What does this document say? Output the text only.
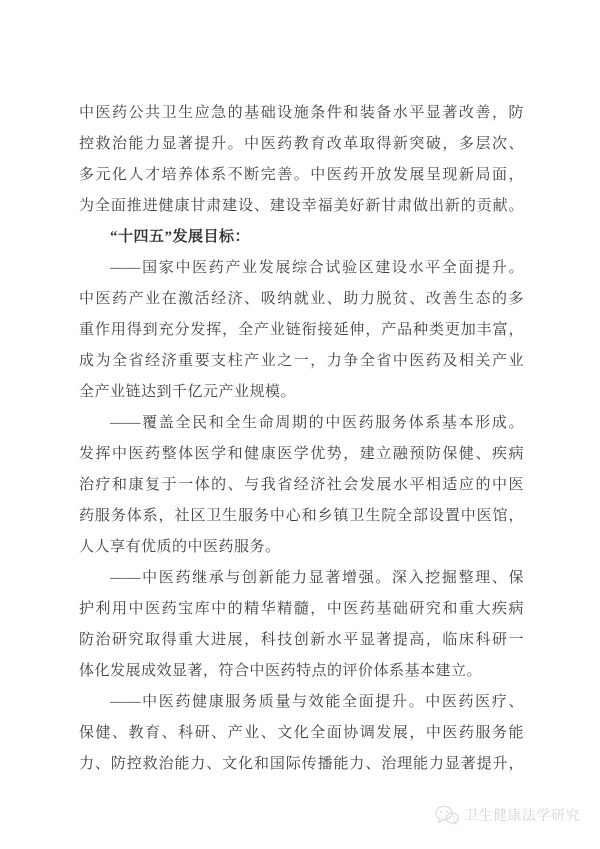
中医药公共卫生应急的基础设施条件和装备水平显著改善，防
控救治能力显著提升。中医药教育改革取得新突破，多层次、
多元化人才培养体系不断完善。中医药开放发展呈现新局面，
为全面推进健康甘肃建设、建设幸福美好新甘肃做出新的贡献。
“十四五”发展目标：
——国家中医药产业发展综合试验区建设水平全面提升。
中医药产业在激活经济、吸纳就业、助力脱贫、改善生态的多
重作用得到充分发挥，全产业链衔接延伸，产品种类更加丰富，
成为全省经济重要支柱产业之一，力争全省中医药及相关产业
全产业链达到千亿元产业规模。
——覆盖全民和全生命周期的中医药服务体系基本形成。
发挥中医药整体医学和健康医学优势，建立融预防保健、疾病
治疗和康复于一体的、与我省经济社会发展水平相适应的中医
药服务体系，社区卫生服务中心和乡镇卫生院全部设置中医馆，
人人享有优质的中医药服务。
——中医药继承与创新能力显著增强。深入挖掘整理、保
护利用中医药宝库中的精华精髓，中医药基础研究和重大疾病
防治研究取得重大进展，科技创新水平显著提高，临床科研一
体化发展成效显著，符合中医药特点的评价体系基本建立。
——中医药健康服务质量与效能全面提升。中医药医疗、
保健、教育、科研、产业、文化全面协调发展，中医药服务能
力、防控救治能力、文化和国际传播能力、治理能力显著提升，
卫生健康法学研究
